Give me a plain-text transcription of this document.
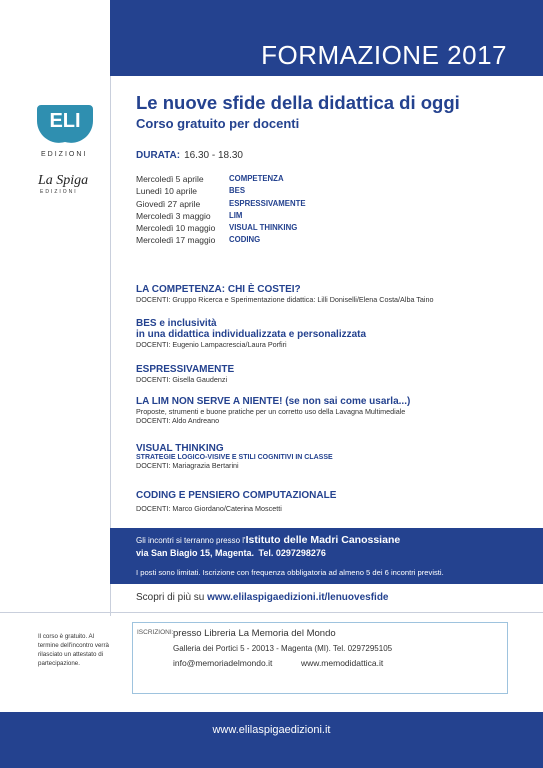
FORMAZIONE 2017
ELI
EDIZIONI
La Spiga
EDIZIONI
Le nuove sfide della didattica di oggi
Corso gratuito per docenti
DURATA: 16.30 - 18.30
Mercoledì 5 aprile	COMPETENZA
Lunedì 10 aprile	BES
Giovedì 27 aprile	ESPRESSIVAMENTE
Mercoledì 3 maggio	LIM
Mercoledì 10 maggio	VISUAL THINKING
Mercoledì 17 maggio	CODING
LA COMPETENZA: CHI È COSTEI?
DOCENTI: Gruppo Ricerca e Sperimentazione didattica: Lilli Doniselli/Elena Costa/Alba Taino
BES e inclusività
in una didattica individualizzata e personalizzata
DOCENTI: Eugenio Lampacrescia/Laura Porfiri
ESPRESSIVAMENTE
DOCENTI: Gisella Gaudenzi
LA LIM NON SERVE A NIENTE! (se non sai come usarla...)
Proposte, strumenti e buone pratiche per un corretto uso della Lavagna Multimediale
DOCENTI: Aldo Andreano
VISUAL THINKING
STRATEGIE LOGICO-VISIVE E STILI COGNITIVI IN CLASSE
DOCENTI: Mariagrazia Bertarini
CODING E PENSIERO COMPUTAZIONALE
DOCENTI: Marco Giordano/Caterina Moscetti
Gli incontri si terranno presso l'Istituto delle Madri Canossiane
via San Biagio 15, Magenta. Tel. 0297298276
I posti sono limitati. Iscrizione con frequenza obbligatoria ad almeno 5 dei 6 incontri previsti.
Scopri di più su www.elilaspigaedizioni.it/lenuovesfide
Il corso è gratuito. Al termine dell'incontro verrà rilasciato un attestato di partecipazione.
ISCRIZIONI: presso Libreria La Memoria del Mondo
Galleria dei Portici 5 - 20013 - Magenta (MI). Tel. 0297295105
info@memoriadelmondo.it	www.memodidattica.it
www.elilaspigaedizioni.it
